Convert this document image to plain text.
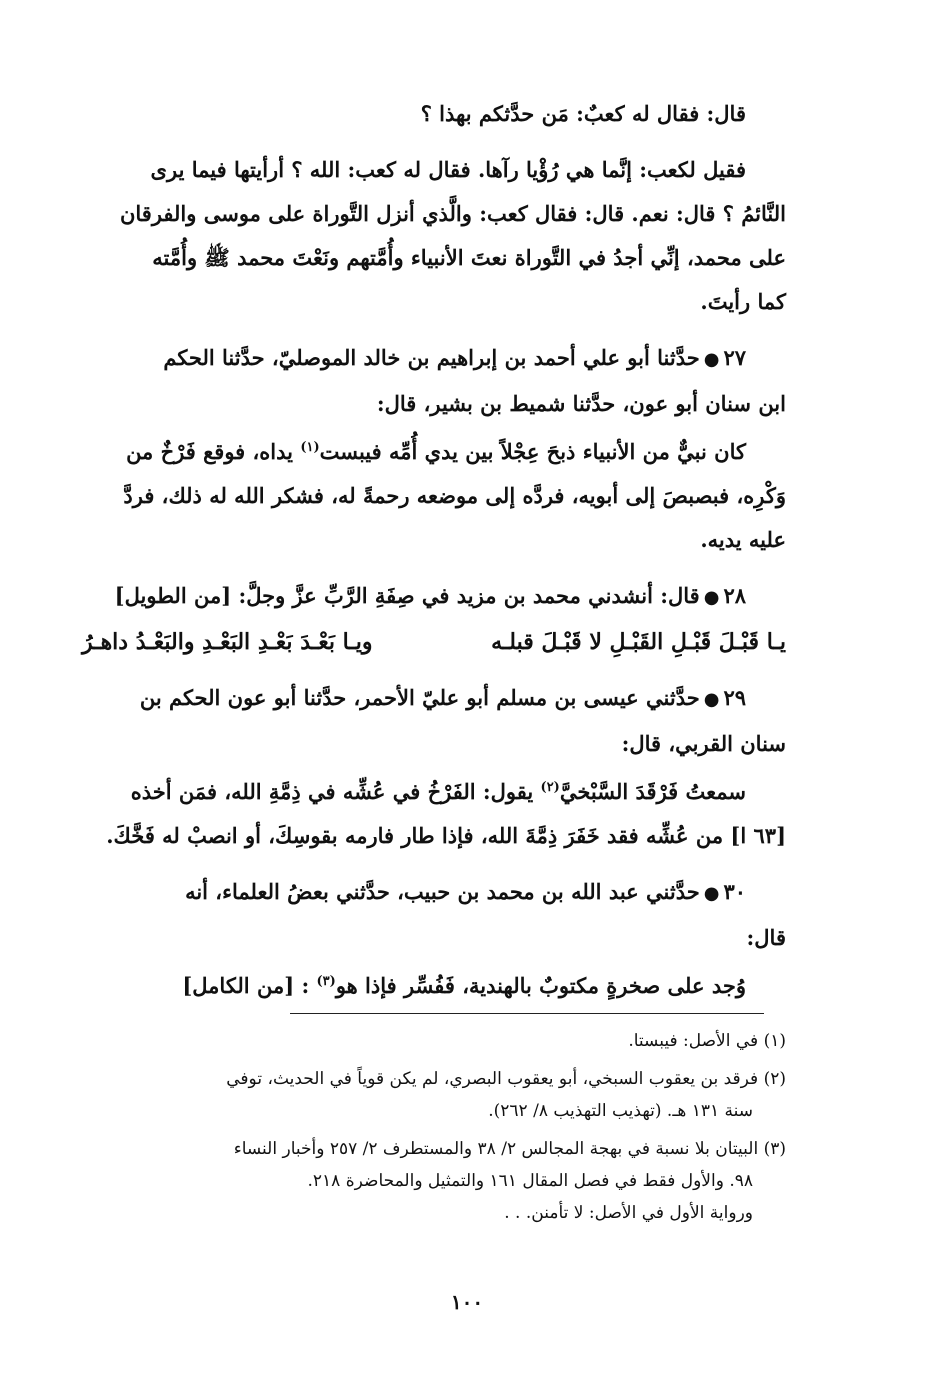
قال: فقال له كعبٌ: مَن حدَّثكم بهذا ؟
فقيل لكعب: إنَّما هي رُؤْيا رآها. فقال له كعب: الله ؟ أرأيتها فيما يرى
النَّائمُ ؟ قال: نعم. قال: فقال كعب: والَّذي أنزل التَّوراة على موسى والفرقان
على محمد، إنِّي أجدُ في التَّوراة نعتَ الأنبياء وأُمَّتهم ونَعْتَ محمد ﷺ وأُمَّته
كما رأيتَ.
٢٧●حدَّثنا أبو علي أحمد بن إبراهيم بن خالد الموصليّ، حدَّثنا الحكم
ابن سنان أبو عون، حدَّثنا شميط بن بشير، قال:
كان نبيٌّ من الأنبياء ذبحَ عِجْلاً بين يدي أُمِّه فيبست$^{(١)}$ يداه، فوقع فَرْخٌ من
وَكْرِه، فبصبصَ إلى أبويه، فردَّه إلى موضعه رحمةً له، فشكر الله له ذلك، فردَّ
عليه يديه.
٢٨●قال: أنشدني محمد بن مزيد في صِفَةِ الرَّبِّ عزَّ وجلَّ: [من الطويل]
يـا قَبْـلَ قَبْـلِ القَبْـلِ لا قَبْـلَ قبلـه
ويـا بَعْـدَ بَعْـدِ البَعْـدِ والبَعْـدُ داهـرُ
٢٩●حدَّثني عيسى بن مسلم أبو عليّ الأحمر، حدَّثنا أبو عون الحكم بن
سنان القربي، قال:
سمعتُ فَرْقَدَ السَّبْخيَّ$^{(٢)}$ يقول: الفَرْخُ في عُشِّه في ذِمَّةِ الله، فمَن أخذه
[٦٣ ا] من عُشِّه فقد خَفَرَ ذِمَّةَ الله، فإذا طار فارمه بقوسِكَ، أو انصبْ له فَخَّكَ.
٣٠●حدَّثني عبد الله بن محمد بن حبيب، حدَّثني بعضُ العلماء، أنه
قال:
وُجد على صخرةٍ مكتوبٌ بالهندية، فَفُسِّر فإذا هو$^{(٣)}$ : [من الكامل]
(١) في الأصل: فيبستا.
(٢) فرقد بن يعقوب السبخي، أبو يعقوب البصري، لم يكن قوياً في الحديث، توفي
سنة ١٣١ هـ. (تهذيب التهذيب ٨/ ٢٦٢).
(٣) البيتان بلا نسبة في بهجة المجالس ٢/ ٣٨ والمستطرف ٢/ ٢٥٧ وأخبار النساء
٩٨. والأول فقط في فصل المقال ١٦١ والتمثيل والمحاضرة ٢١٨.
ورواية الأول في الأصل: لا تأمنن. . .
١٠٠
